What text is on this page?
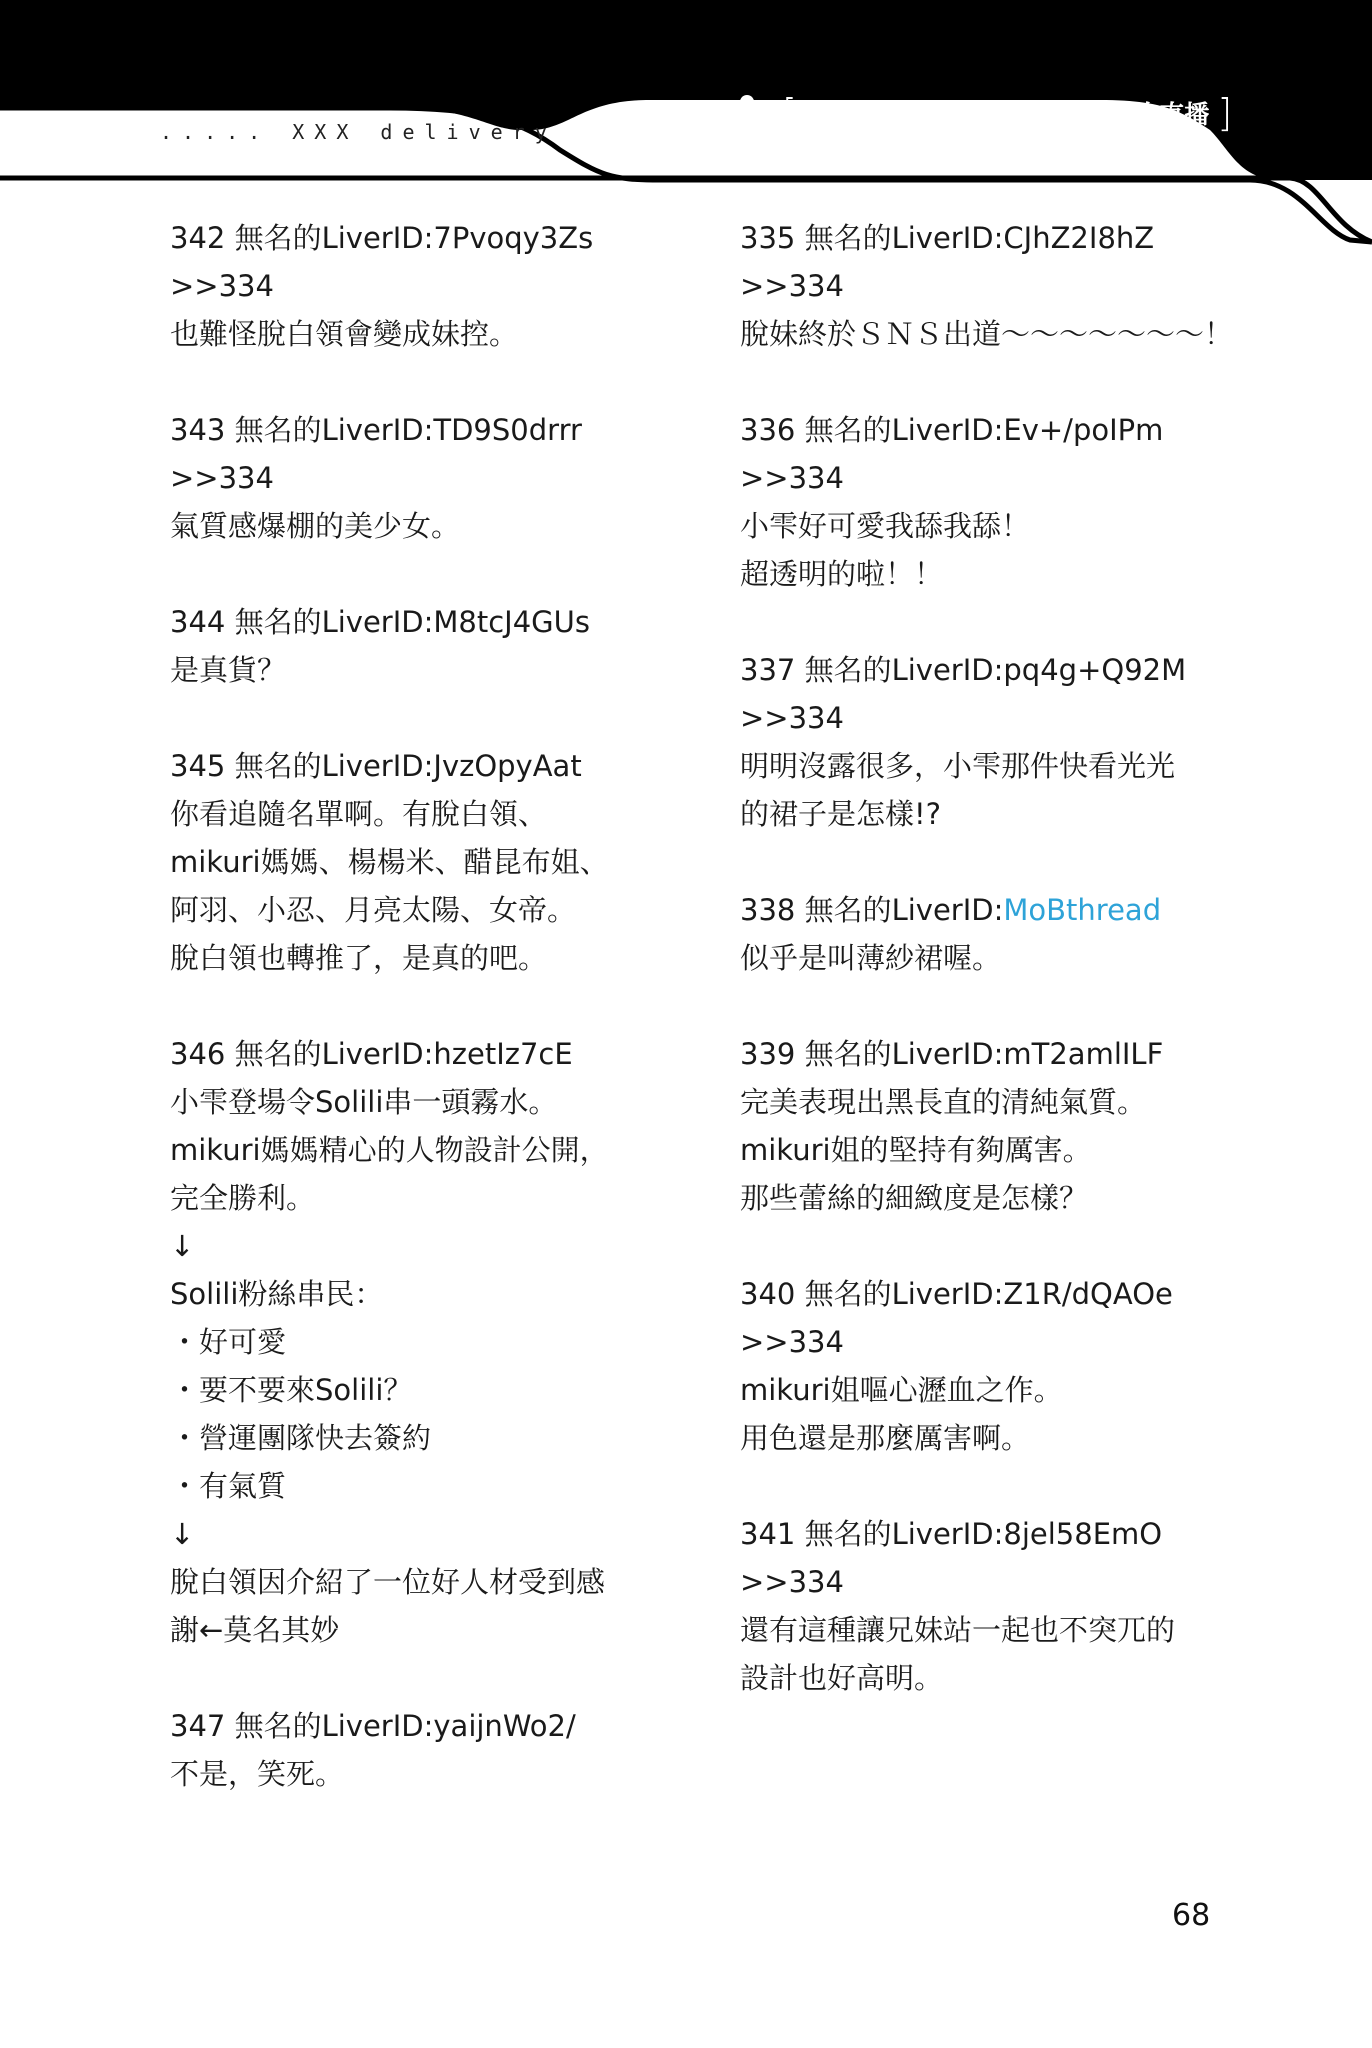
..... XXX delivery	[ Underlive討論串 第XXX次直播 ]
342 無名的LiverID:7Pvoqy3Zs
>>334
也難怪脫白領會變成妹控。
343 無名的LiverID:TD9S0drrr
>>334
氣質感爆棚的美少女。
344 無名的LiverID:M8tcJ4GUs
是真貨？
345 無名的LiverID:JvzOpyAat
你看追隨名單啊。有脫白領、
mikuri媽媽、楊楊米、醋昆布姐、
阿羽、小忍、月亮太陽、女帝。
脫白領也轉推了，是真的吧。
346 無名的LiverID:hzetIz7cE
小雫登場令Solili串一頭霧水。
mikuri媽媽精心的人物設計公開，
完全勝利。
↓
Solili粉絲串民：
・好可愛
・要不要來Solili？
・營運團隊快去簽約
・有氣質
↓
脫白領因介紹了一位好人材受到感
謝←莫名其妙
347 無名的LiverID:yaijnWo2/
不是，笑死。
335 無名的LiverID:CJhZ2I8hZ
>>334
脫妹終於ＳＮＳ出道～～～～～～～！
336 無名的LiverID:Ev+/poIPm
>>334
小雫好可愛我舔我舔！
超透明的啦！！
337 無名的LiverID:pq4g+Q92M
>>334
明明沒露很多，小雫那件快看光光
的裙子是怎樣!?
338 無名的LiverID:MoBthread
似乎是叫薄紗裙喔。
339 無名的LiverID:mT2amlILF
完美表現出黑長直的清純氣質。
mikuri姐的堅持有夠厲害。
那些蕾絲的細緻度是怎樣？
340 無名的LiverID:Z1R/dQAOe
>>334
mikuri姐嘔心瀝血之作。
用色還是那麼厲害啊。
341 無名的LiverID:8jel58EmO
>>334
還有這種讓兄妹站一起也不突兀的
設計也好高明。
68
